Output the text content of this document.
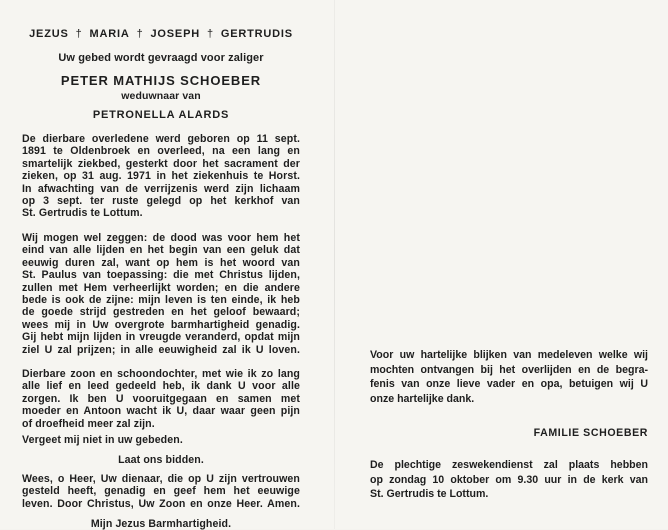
JEZUS † MARIA † JOSEPH † GERTRUDIS
Uw gebed wordt gevraagd voor zaliger
PETER MATHIJS SCHOEBER
weduwnaar van
PETRONELLA ALARDS
De dierbare overledene werd geboren op 11 sept.
1891 te Oldenbroek en overleed, na een lang en
smartelijk ziekbed, gesterkt door het sacrament der
zieken, op 31 aug. 1971 in het ziekenhuis te Horst.
In afwachting van de verrijzenis werd zijn lichaam
op 3 sept. ter ruste gelegd op het kerkhof van
St. Gertrudis te Lottum.
Wij mogen wel zeggen: de dood was voor hem het
eind van alle lijden en het begin van een geluk dat
eeuwig duren zal, want op hem is het woord van
St. Paulus van toepassing: die met Christus lijden,
zullen met Hem verheerlijkt worden; en die andere
bede is ook de zijne: mijn leven is ten einde, ik heb
de goede strijd gestreden en het geloof bewaard;
wees mij in Uw overgrote barmhartigheid genadig.
Gij hebt mijn lijden in vreugde veranderd, opdat mijn
ziel U zal prijzen; in alle eeuwigheid zal ik U loven.
Dierbare zoon en schoondochter, met wie ik zo lang
alle lief en leed gedeeld heb, ik dank U voor alle
zorgen. Ik ben U vooruitgegaan en samen met
moeder en Antoon wacht ik U, daar waar geen pijn
of droefheid meer zal zijn.
Vergeet mij niet in uw gebeden.
Laat ons bidden.
Wees, o Heer, Uw dienaar, die op U zijn vertrouwen
gesteld heeft, genadig en geef hem het eeuwige
leven. Door Christus, Uw Zoon en onze Heer. Amen.
Mijn Jezus Barmhartigheid.
Voor uw hartelijke blijken van medeleven welke wij
mochten ontvangen bij het overlijden en de begra-
fenis van onze lieve vader en opa, betuigen wij U
onze hartelijke dank.
FAMILIE SCHOEBER
De plechtige zeswekendienst zal plaats hebben
op zondag 10 oktober om 9.30 uur in de kerk van
St. Gertrudis te Lottum.
